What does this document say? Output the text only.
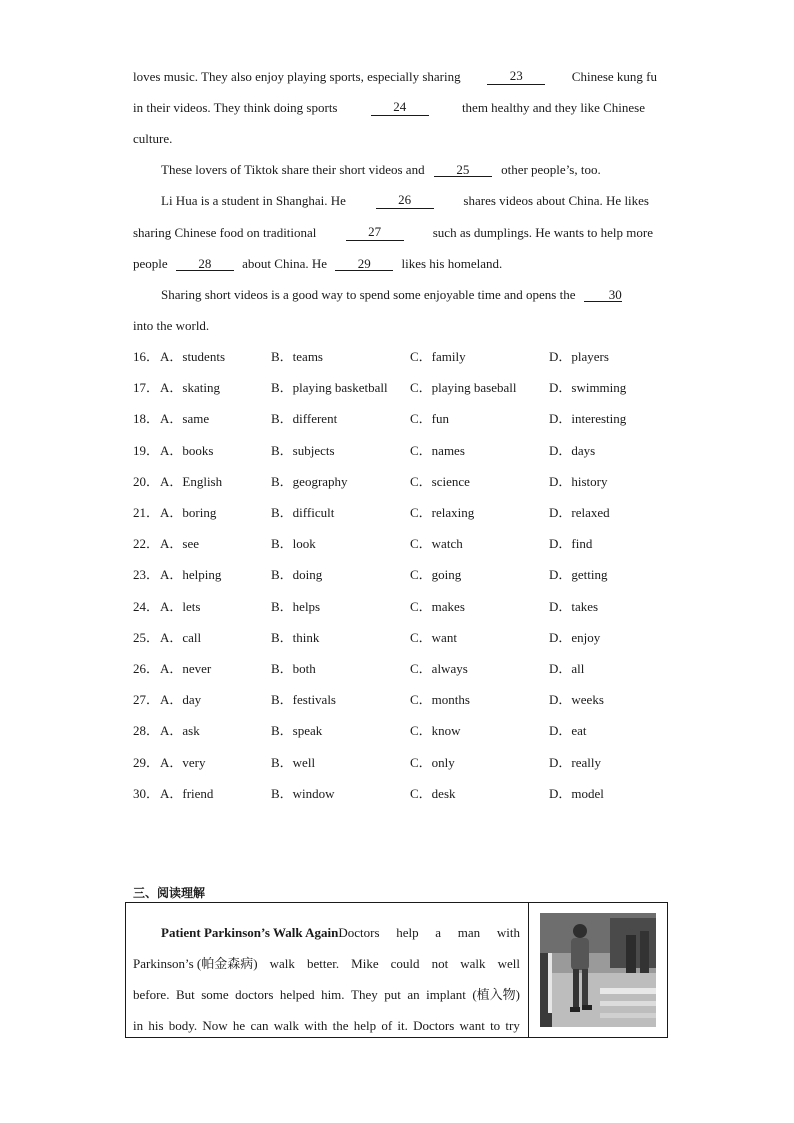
loves music. They also enjoy playing sports, especially sharing	23	Chinese kung fu
in their videos. They think doing sports	24	them healthy and they like Chinese
culture.
These lovers of Tiktok share their short videos and 25 other people’s, too.
Li Hua is a student in Shanghai. He	26	shares videos about China. He likes
sharing Chinese food on traditional	27	such as dumplings. He wants to help more
people 28 about China. He 29 likes his homeland.
Sharing short videos is a good way to spend some enjoyable time and opens the	30
into the world.
16． A．students	B．teams	C．family	D．players
17． A．skating	B．playing basketball C．playing baseball D．swimming
18． A．same	B．different	C．fun	D．interesting
19． A．books	B．subjects	C．names	D．days
20． A．English	B．geography	C．science	D．history
21． A．boring	B．difficult	C．relaxing	D．relaxed
22． A．see	B．look	C．watch	D．find
23． A．helping	B．doing	C．going	D．getting
24． A．lets	B．helps	C．makes	D．takes
25． A．call	B．think	C．want	D．enjoy
26． A．never	B．both	C．always	D．all
27． A．day	B．festivals	C．months	D．weeks
28． A．ask	B．speak	C．know	D．eat
29． A．very	B．well	C．only	D．really
30． A．friend	B．window	C．desk	D．model
三、阅读理解
Patient Parkinson’s Walk AgainDoctors help a man with
Parkinson’s (帕金森病) walk better. Mike could not walk well
before. But some doctors helped him. They put an implant (植入物)
in his body. Now he can walk with the help of it. Doctors want to try
